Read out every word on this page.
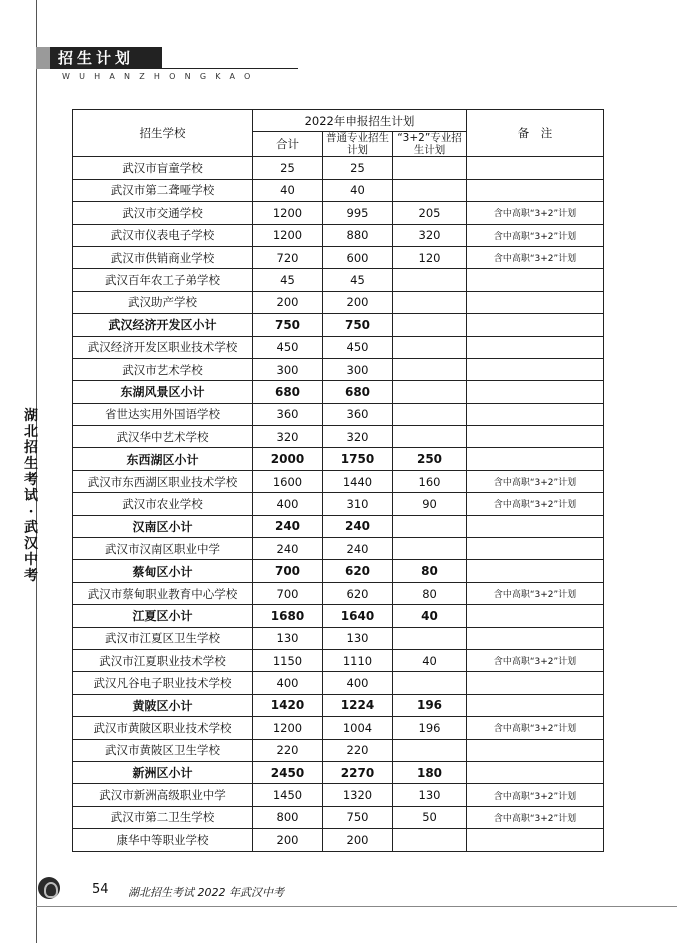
湖北招生考试·武汉中考
招生计划
WUHANZHONGKAO
招生学校	2022年申报招生计划			备　注
	合计	普通专业招生计划	“3+2”专业招生计划	
武汉市盲童学校	25	25		
武汉市第二聋哑学校	40	40		
武汉市交通学校	1200	995	205	含中高职“3+2”计划
武汉市仪表电子学校	1200	880	320	含中高职“3+2”计划
武汉市供销商业学校	720	600	120	含中高职“3+2”计划
武汉百年农工子弟学校	45	45		
武汉助产学校	200	200		
武汉经济开发区小计	750	750		
武汉经济开发区职业技术学校	450	450		
武汉市艺术学校	300	300		
东湖风景区小计	680	680		
省世达实用外国语学校	360	360		
武汉华中艺术学校	320	320		
东西湖区小计	2000	1750	250	
武汉市东西湖区职业技术学校	1600	1440	160	含中高职“3+2”计划
武汉市农业学校	400	310	90	含中高职“3+2”计划
汉南区小计	240	240		
武汉市汉南区职业中学	240	240		
蔡甸区小计	700	620	80	
武汉市蔡甸职业教育中心学校	700	620	80	含中高职“3+2”计划
江夏区小计	1680	1640	40	
武汉市江夏区卫生学校	130	130		
武汉市江夏职业技术学校	1150	1110	40	含中高职“3+2”计划
武汉凡谷电子职业技术学校	400	400		
黄陂区小计	1420	1224	196	
武汉市黄陂区职业技术学校	1200	1004	196	含中高职“3+2”计划
武汉市黄陂区卫生学校	220	220		
新洲区小计	2450	2270	180	
武汉市新洲高级职业中学	1450	1320	130	含中高职“3+2”计划
武汉市第二卫生学校	800	750	50	含中高职“3+2”计划
康华中等职业学校	200	200		
54 湖北招生考试 2022 年武汉中考
